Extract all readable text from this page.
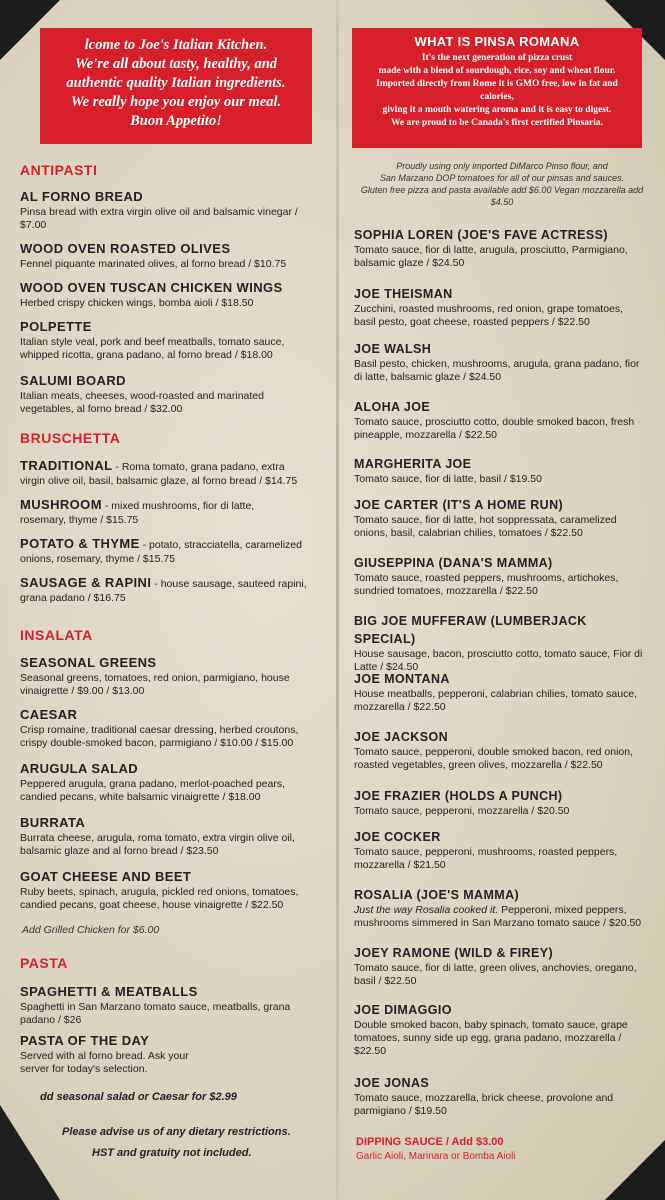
lcome to Joe's Italian Kitchen.
We're all about tasty, healthy, and
authentic quality Italian ingredients.
We really hope you enjoy our meal.
Buon Appetito!
WHAT IS PINSA ROMANA
It's the next generation of pizza crust
made with a blend of sourdough, rice, soy and wheat flour.
Imported directly from Rome it is GMO free, low in fat and calories,
giving it a mouth watering aroma and it is easy to digest.
We are proud to be Canada's first certified Pinsaria.
Proudly using only imported DiMarco Pinso flour, and
San Marzano DOP tomatoes for all of our pinsas and sauces.
Gluten free pizza and pasta available add $6.00 Vegan mozzarella add $4.50
ANTIPASTI
AL FORNO BREAD
Pinsa bread with extra virgin olive oil and balsamic vinegar / $7.00
WOOD OVEN ROASTED OLIVES
Fennel piquante marinated olives, al forno bread / $10.75
WOOD OVEN TUSCAN CHICKEN WINGS
Herbed crispy chicken wings, bomba aioli / $18.50
POLPETTE
Italian style veal, pork and beef meatballs, tomato sauce, whipped ricotta, grana padano, al forno bread / $18.00
SALUMI BOARD
Italian meats, cheeses, wood-roasted and marinated vegetables, al forno bread / $32.00
BRUSCHETTA
TRADITIONAL - Roma tomato, grana padano, extra
virgin olive oil, basil, balsamic glaze, al forno bread / $14.75
MUSHROOM - mixed mushrooms, fior di latte,
rosemary, thyme / $15.75
POTATO & THYME - potato, stracciatella, caramelized
onions, rosemary, thyme / $15.75
SAUSAGE & RAPINI - house sausage, sauteed rapini,
grana padano / $16.75
INSALATA
SEASONAL GREENS
Seasonal greens, tomatoes, red onion, parmigiano, house vinaigrette / $9.00 / $13.00
CAESAR
Crisp romaine, traditional caesar dressing, herbed croutons, crispy double-smoked bacon, parmigiano / $10.00 / $15.00
ARUGULA SALAD
Peppered arugula, grana padano, merlot-poached pears, candied pecans, white balsamic vinaigrette / $18.00
BURRATA
Burrata cheese, arugula, roma tomato, extra virgin olive oil, balsamic glaze and al forno bread / $23.50
GOAT CHEESE AND BEET
Ruby beets, spinach, arugula, pickled red onions, tomatoes, candied pecans, goat cheese, house vinaigrette / $22.50
Add Grilled Chicken for $6.00
PASTA
SPAGHETTI & MEATBALLS
Spaghetti in San Marzano tomato sauce, meatballs, grana padano / $26
PASTA OF THE DAY
Served with al forno bread. Ask your server for today's selection.
dd seasonal salad or Caesar for $2.99
Please advise us of any dietary restrictions.
HST and gratuity not included.
SOPHIA LOREN (JOE'S FAVE ACTRESS)
Tomato sauce, fior di latte, arugula, prosciutto, Parmigiano, balsamic glaze / $24.50
JOE THEISMAN
Zucchini, roasted mushrooms, red onion, grape tomatoes, basil pesto, goat cheese, roasted peppers / $22.50
JOE WALSH
Basil pesto, chicken, mushrooms, arugula, grana padano, fior di latte, balsamic glaze / $24.50
ALOHA JOE
Tomato sauce, prosciutto cotto, double smoked bacon, fresh pineapple, mozzarella / $22.50
MARGHERITA JOE
Tomato sauce, fior di latte, basil / $19.50
JOE CARTER (IT'S A HOME RUN)
Tomato sauce, fior di latte, hot soppressata, caramelized onions, basil, calabrian chilies, tomatoes / $22.50
GIUSEPPINA (DANA'S MAMMA)
Tomato sauce, roasted peppers, mushrooms, artichokes, sundried tomatoes, mozzarella / $22.50
BIG JOE MUFFERAW (LUMBERJACK SPECIAL)
House sausage, bacon, prosciutto cotto, tomato sauce, Fior di Latte / $24.50
JOE MONTANA
House meatballs, pepperoni, calabrian chilies, tomato sauce, mozzarella / $22.50
JOE JACKSON
Tomato sauce, pepperoni, double smoked bacon, red onion, roasted vegetables, green olives, mozzarella / $22.50
JOE FRAZIER (HOLDS A PUNCH)
Tomato sauce, pepperoni, mozzarella / $20.50
JOE COCKER
Tomato sauce, pepperoni, mushrooms, roasted peppers, mozzarella / $21.50
ROSALIA (JOE'S MAMMA)
Just the way Rosalia cooked it. Pepperoni, mixed peppers, mushrooms simmered in San Marzano tomato sauce / $20.50
JOEY RAMONE (WILD & FIREY)
Tomato sauce, fior di latte, green olives, anchovies, oregano, basil / $22.50
JOE DIMAGGIO
Double smoked bacon, baby spinach, tomato sauce, grape tomatoes, sunny side up egg, grana padano, mozzarella / $22.50
JOE JONAS
Tomato sauce, mozzarella, brick cheese, provolone and parmigiano / $19.50
DIPPING SAUCE / Add $3.00
Garlic Aioli, Marinara or Bomba Aioli
